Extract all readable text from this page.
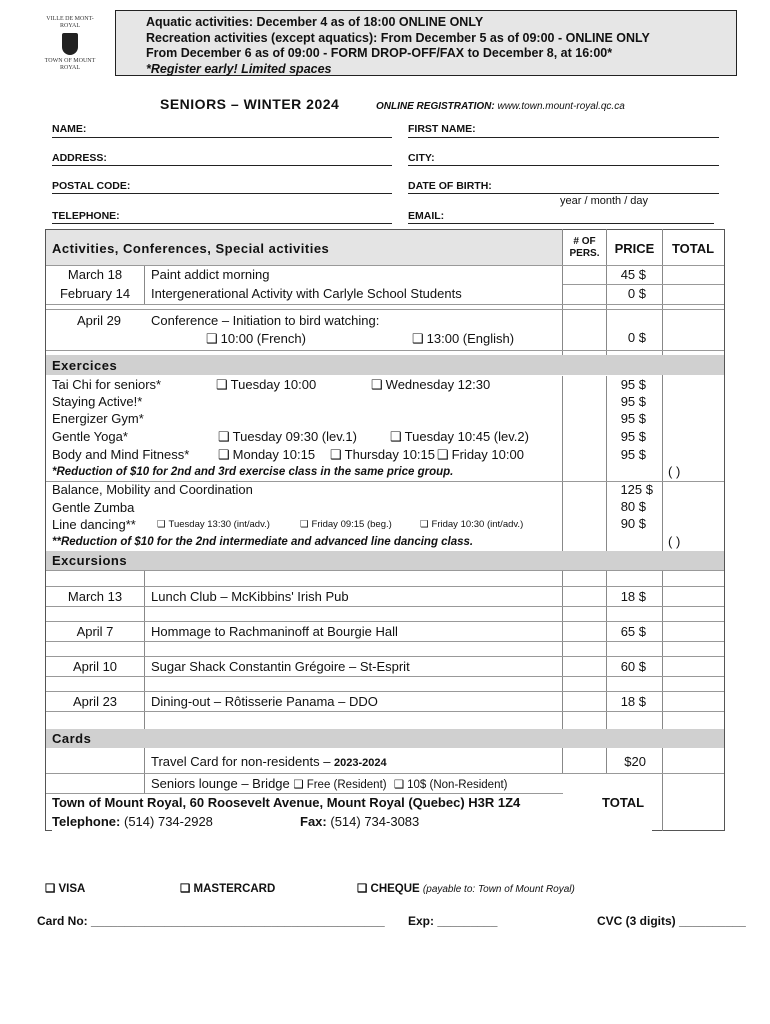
VILLE DE MONT-ROYAL
TOWN OF MOUNT ROYAL
Aquatic activities: December 4 as of 18:00 ONLINE ONLY
Recreation activities (except aquatics): From December 5 as of 09:00 - ONLINE ONLY
From December 6 as of 09:00 - FORM DROP-OFF/FAX to December 8, at 16:00*
*Register early! Limited spaces
SENIORS – WINTER 2024	ONLINE REGISTRATION: www.town.mount-royal.qc.ca
NAME:	FIRST NAME:
ADDRESS:	CITY:
POSTAL CODE:	DATE OF BIRTH:
year / month / day
TELEPHONE:	EMAIL:
Activities, Conferences, Special activities	# OF PERS.	PRICE	TOTAL
March 18	Paint addict morning	45 $
February 14	Intergenerational Activity with Carlyle School Students	0 $
April 29	Conference – Initiation to bird watching:
❑ 10:00 (French)	❑ 13:00 (English)	0 $
Exercices
Tai Chi for seniors*	❑ Tuesday 10:00	❑ Wednesday 12:30	95 $
Staying Active!*	95 $
Energizer Gym*	95 $
Gentle Yoga*	❑ Tuesday 09:30 (lev.1)	❑ Tuesday 10:45 (lev.2)	95 $
Body and Mind Fitness*	❑ Monday 10:15	❑ Thursday 10:15	❑ Friday 10:00	95 $
*Reduction of $10 for 2nd and 3rd exercise class in the same price group.	( )
Balance, Mobility and Coordination	125 $
Gentle Zumba	80 $
Line dancing**	❑ Tuesday 13:30 (int/adv.)	❑ Friday 09:15 (beg.)	❑ Friday 10:30 (int/adv.)	90 $
**Reduction of $10 for the 2nd intermediate and advanced line dancing class.	( )
Excursions
March 13	Lunch Club – McKibbins' Irish Pub	18 $
April 7	Hommage to Rachmaninoff at Bourgie Hall	65 $
April 10	Sugar Shack Constantin Grégoire – St-Esprit	60 $
April 23	Dining-out – Rôtisserie Panama – DDO	18 $
Cards
Travel Card for non-residents – 2023-2024	$20
Seniors lounge – Bridge ❑ Free (Resident) ❑ 10$ (Non-Resident)
Town of Mount Royal, 60 Roosevelt Avenue, Mount Royal (Quebec) H3R 1Z4	TOTAL
Telephone: (514) 734-2928	Fax: (514) 734-3083
❑ VISA	❑ MASTERCARD	❑ CHEQUE (payable to: Town of Mount Royal)
Card No: ____________________________________________ Exp: _________	CVC (3 digits) __________
